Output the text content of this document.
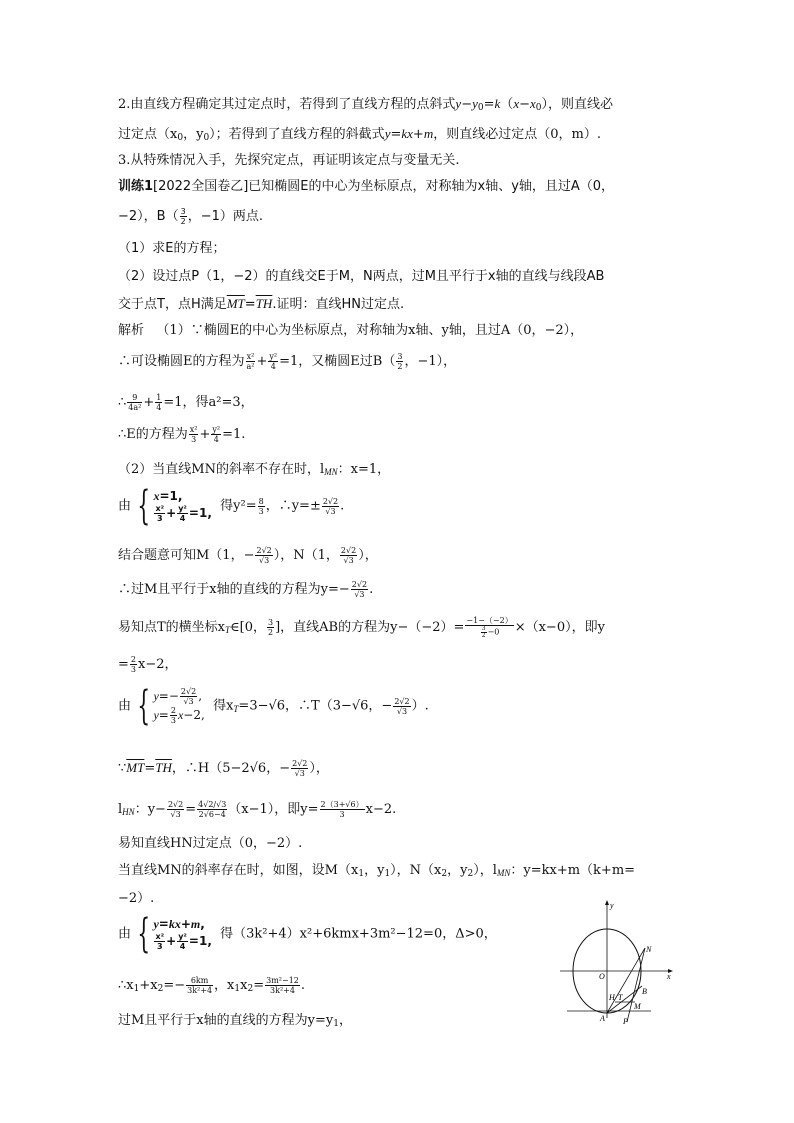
2.由直线方程确定其过定点时，若得到了直线方程的点斜式$y-y_0=k(x-x_0)$，则直线必
过定点（$x_0$，$y_0$）；若得到了直线方程的斜截式y=kx+m，则直线必过定点（0，m）.
3.从特殊情况入手，先探究定点，再证明该定点与变量无关.
训练1[2022全国卷乙]已知椭圆E的中心为坐标原点，对称轴为x轴、y轴，且过A（0，
−2），$B( \frac{3}{2}$ ，−1）两点.
（1）求E的方程；
（2）设过点P（1，−2）的直线交E于M，N两点，过M且平行于x轴的直线与线段AB
交于点T，点H满足$\overline{MT}=\overline{TH}$.证明：直线HN过定点.
解析 （1）∵椭圆E的中心为坐标原点，对称轴为x轴、y轴，且过A（0，−2），
∴可设椭圆E的方程为 $\frac{\text{x²}}{\text{a²}} + \frac{\text{y²}}{4} =1$，又椭圆E过$B( \frac{3}{2}$ ，−1），
∴ $\frac{9}{\text{4a²}} + \frac{1}{4} =1$，得a²=3，
∴E的方程为 $\frac{\text{x²}}{3} + \frac{\text{y²}}{4} =1$.
（2）当直线MN的斜率不存在时，$l_{MN}$：x=1，
由 { x=1,

$\frac{\text{x²}}{3} + \frac{\text{y²}}{4} =1$, 得$y^2= \frac{8}{3}$ ，∴y=± $\frac{2√2}{√3}$ .
结合题意可知M（1，− $\frac{2√2}{√3}$ ），N（1， $\frac{2√2}{√3}$ ），
∴过M且平行于x轴的直线的方程为$y=- \frac{2√2}{√3}$ .
易知点T的横坐标$x_T\in[0$， $\frac{3}{2}$ ]，直线AB的方程为$y-(-2)= \frac{-1-(-2)}{\frac{3}{2} -0} \times(x-0)$，即y
= $\frac{2}{3} x-2$，
由 { $y=- \frac{2√2}{√3}$ ,
$y= \frac{2}{3} x-2$,  得$x_T=3-√6$，∴T（3−√6，− $\frac{2√2}{√3}$ ）.
$\because\overline{MT}=\overline{TH}$，∴H（5−2√6，− $\frac{2√2}{√3}$ ），
$l_{HN}$：$y- \frac{2√2}{√3} = \frac{4√2/√3}{2√6-4} (x-1)$，即$y= \frac{2(3+√6)}{3} x-2$.
易知直线HN过定点（0，−2）.
当直线MN的斜率存在时，如图，设$M(x_1$，$y_1$），$N(x_2$，$y_2$），$l_{MN}$：y=kx+m（k+m=
−2）.
由 { y=kx+m,

$\frac{\text{x²}}{3} + \frac{\text{y²}}{4} =1$, 得（3k²+4）x²+6kmx+3m²−12=0，Δ>0，
$\therefore x_1+x_2=- \frac{6km}{\text{3k²+4}}$ ，$x_1x_2= \frac{\text{3m²−12}}{\text{3k²+4}}$ .
过M且平行于x轴的直线的方程为$y=y_1$，
y
x
O
N
B
M
A P
H T
